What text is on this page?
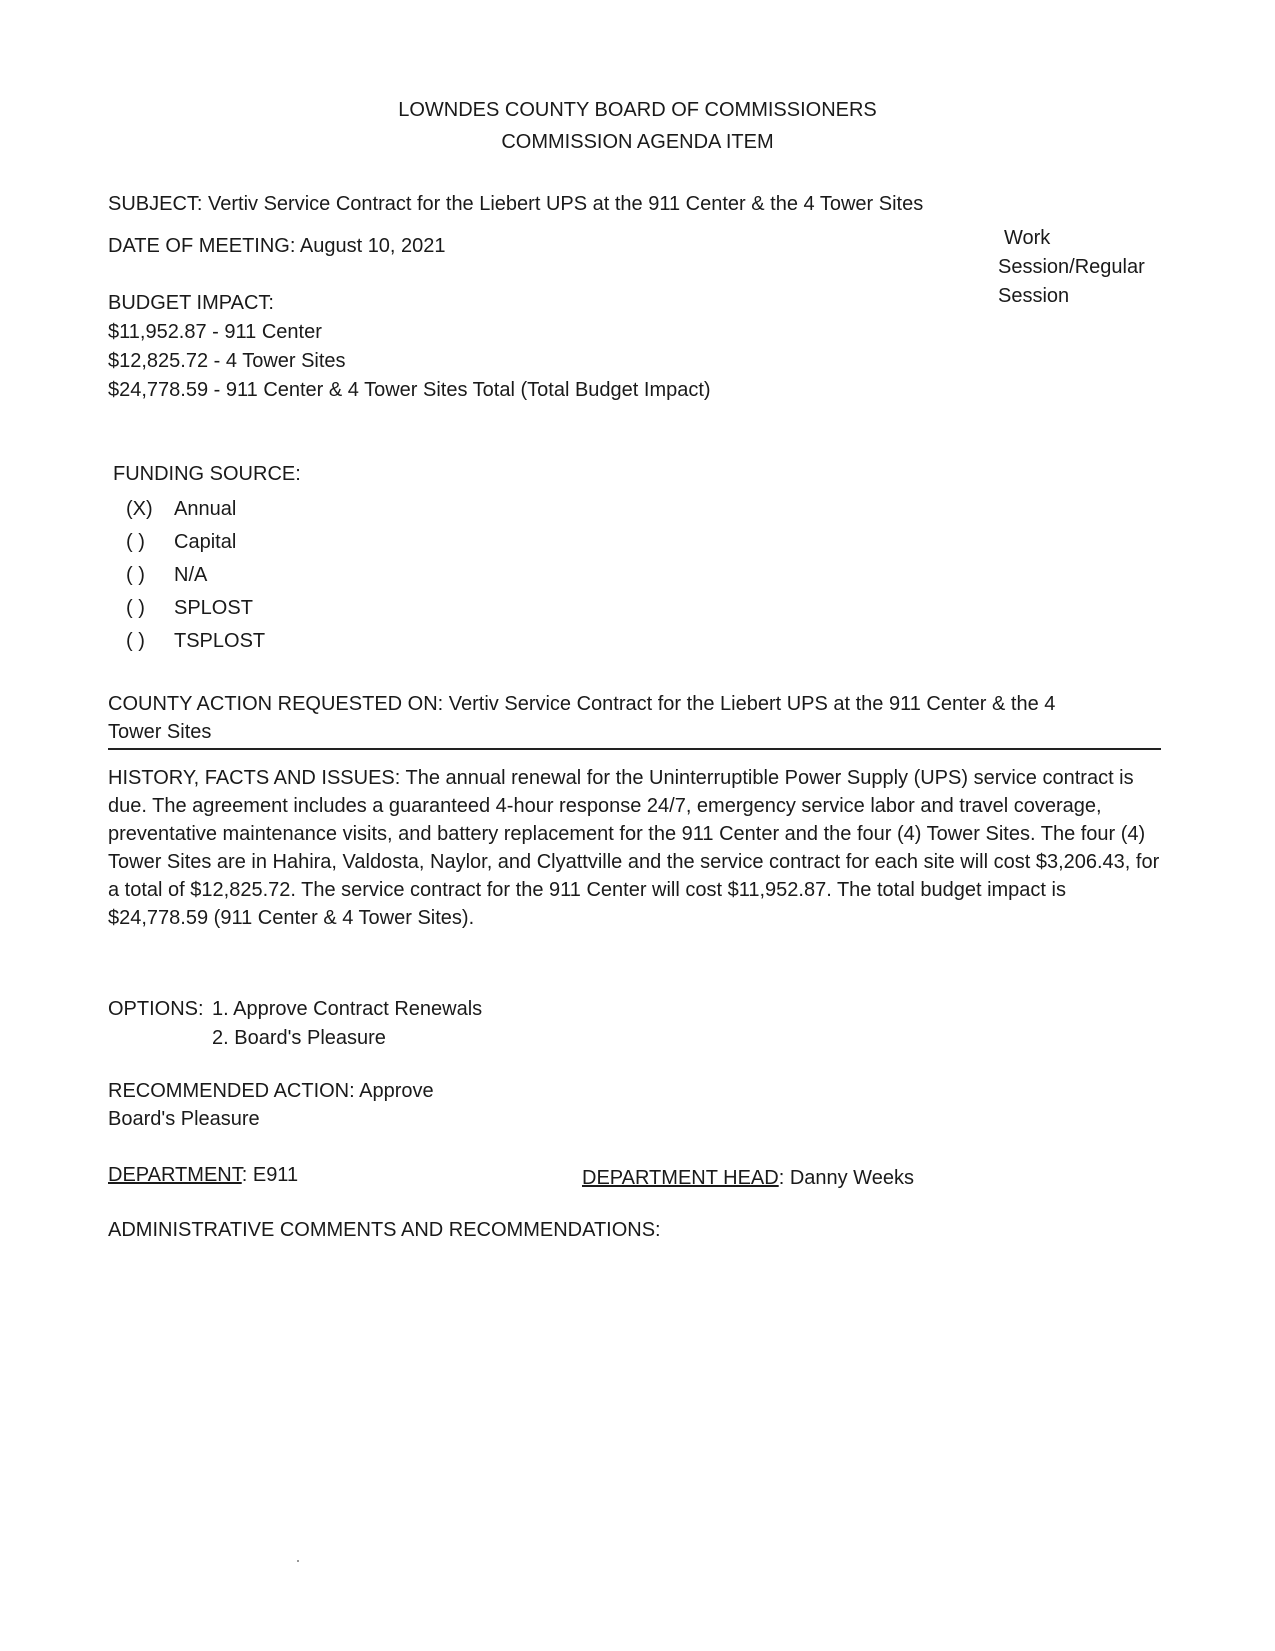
LOWNDES COUNTY BOARD OF COMMISSIONERS
COMMISSION AGENDA ITEM
SUBJECT: Vertiv Service Contract for the Liebert UPS at the 911 Center & the 4 Tower Sites
DATE OF MEETING: August 10, 2021	Work
Session/Regular
Session
BUDGET IMPACT:
$11,952.87 - 911 Center
$12,825.72 - 4 Tower Sites
$24,778.59 - 911 Center & 4 Tower Sites Total (Total Budget Impact)
FUNDING SOURCE:
(X) Annual
( ) Capital
( ) N/A
( ) SPLOST
( ) TSPLOST
COUNTY ACTION REQUESTED ON: Vertiv Service Contract for the Liebert UPS at the 911 Center & the 4
Tower Sites
HISTORY, FACTS AND ISSUES: The annual renewal for the Uninterruptible Power Supply (UPS) service contract is due. The agreement includes a guaranteed 4-hour response 24/7, emergency service labor and travel coverage, preventative maintenance visits, and battery replacement for the 911 Center and the four (4) Tower Sites. The four (4) Tower Sites are in Hahira, Valdosta, Naylor, and Clyattville and the service contract for each site will cost $3,206.43, for a total of $12,825.72. The service contract for the 911 Center will cost $11,952.87. The total budget impact is $24,778.59 (911 Center & 4 Tower Sites).
OPTIONS: 1. Approve Contract Renewals
2. Board's Pleasure
RECOMMENDED ACTION: Approve
Board's Pleasure
DEPARTMENT: E911	DEPARTMENT HEAD: Danny Weeks
ADMINISTRATIVE COMMENTS AND RECOMMENDATIONS:
